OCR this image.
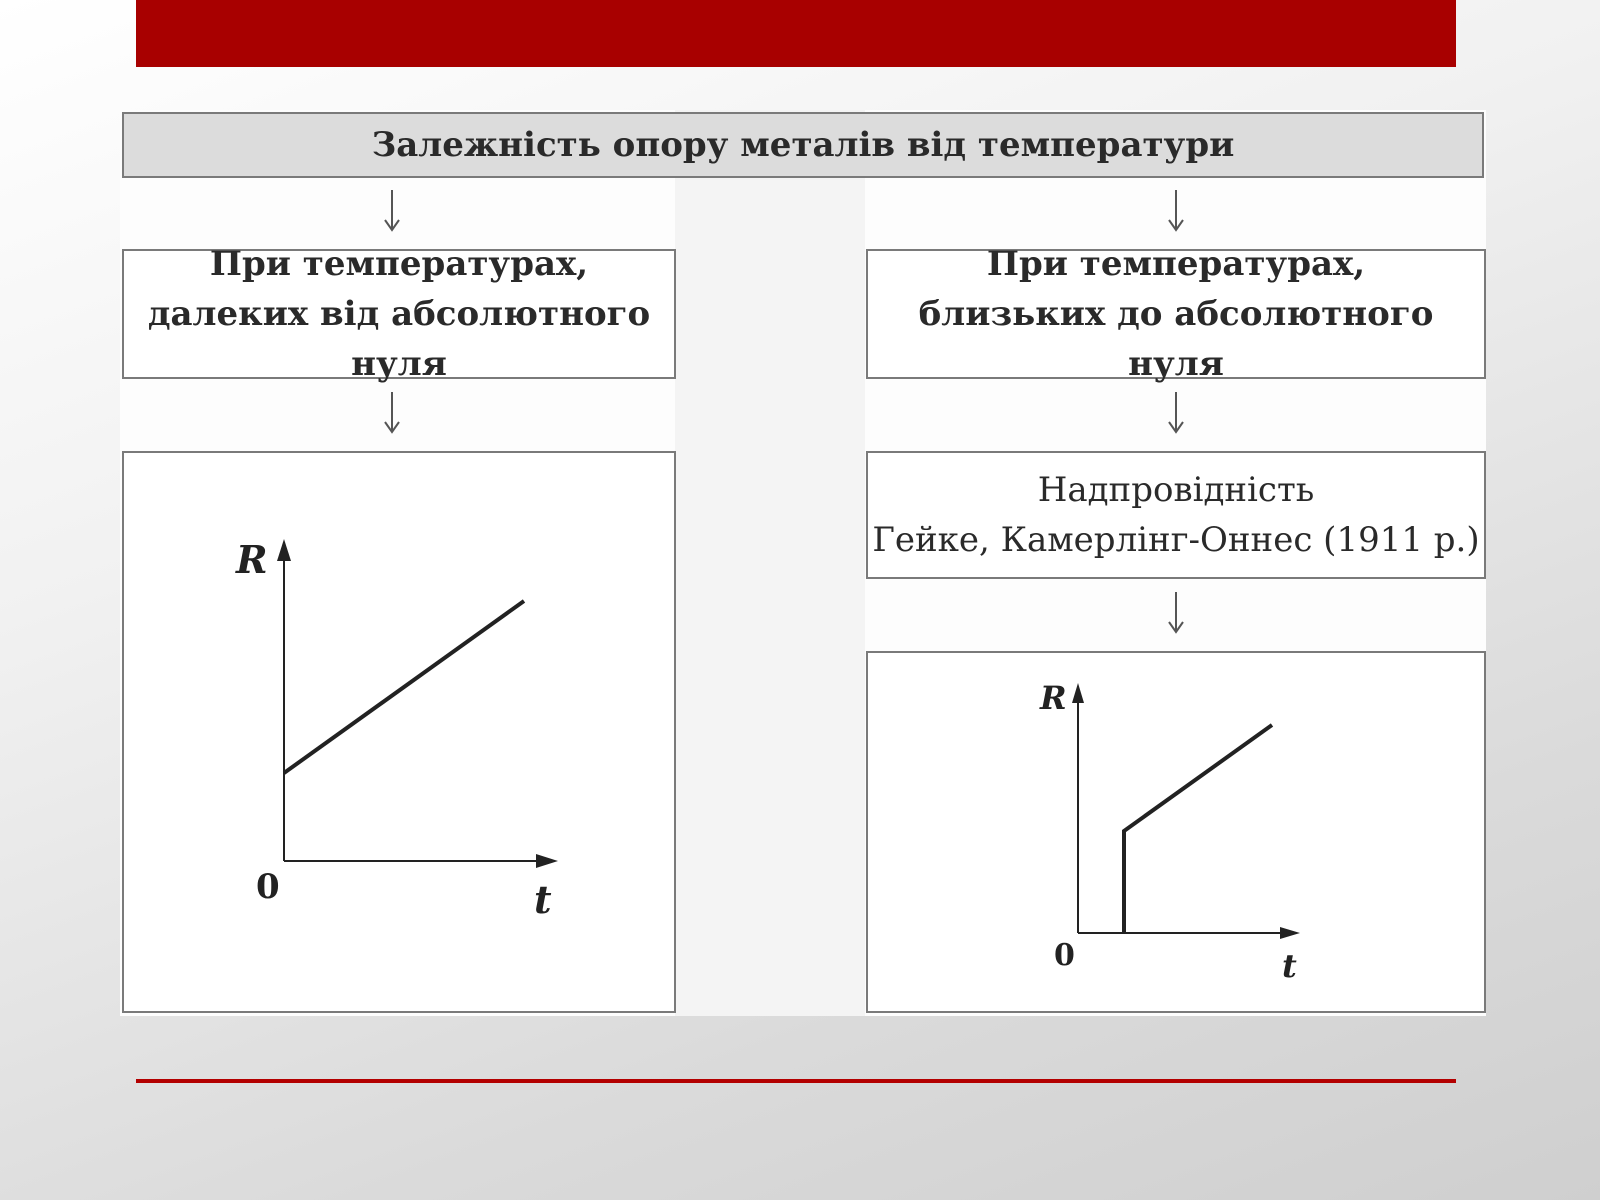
Залежність опору металів від температури
При температурах,
далеких від абсолютного нуля
При температурах,
близьких до абсолютного нуля
Надпровідність
Гейке, Камерлінг-Оннес (1911 р.)
R
0	t
R
0	t
